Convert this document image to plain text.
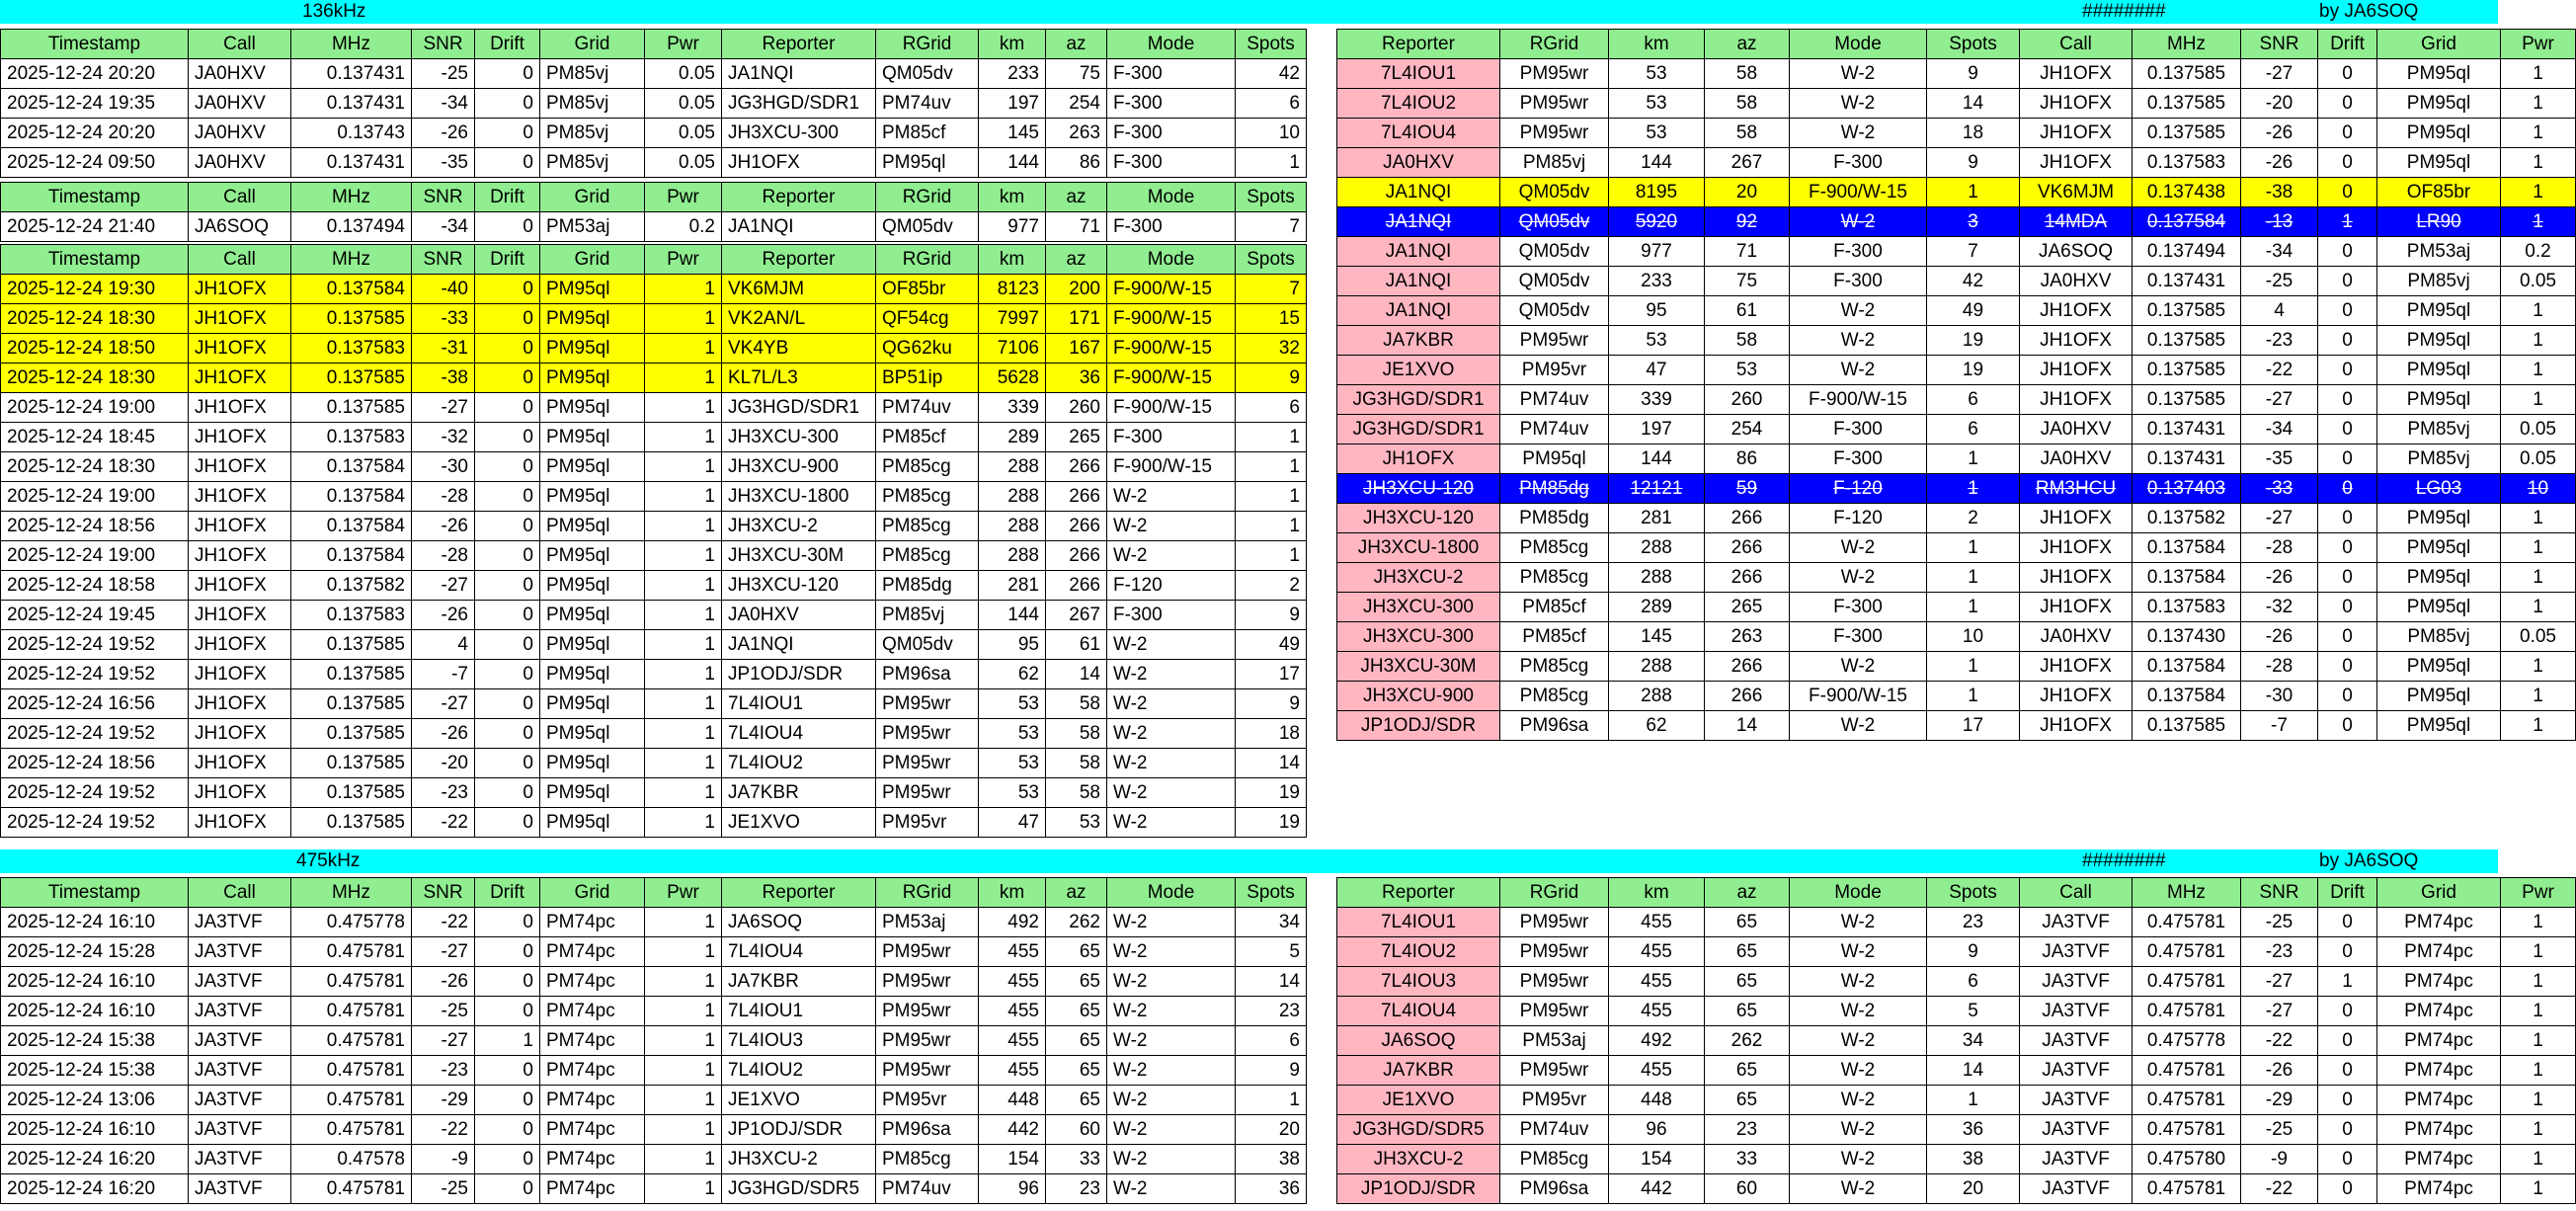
136kHz	########	by JA6SOQ
Timestamp	Call	MHz	SNR	Drift	Grid	Pwr	Reporter	RGrid	km	az	Mode	Spots
2025-12-24 20:20	JA0HXV	0.137431	-25	0	PM85vj	0.05	JA1NQI	QM05dv	233	75	F-300	42
2025-12-24 19:35	JA0HXV	0.137431	-34	0	PM85vj	0.05	JG3HGD/SDR1	PM74uv	197	254	F-300	6
2025-12-24 20:20	JA0HXV	0.13743	-26	0	PM85vj	0.05	JH3XCU-300	PM85cf	145	263	F-300	10
2025-12-24 09:50	JA0HXV	0.137431	-35	0	PM85vj	0.05	JH1OFX	PM95ql	144	86	F-300	1
Timestamp	Call	MHz	SNR	Drift	Grid	Pwr	Reporter	RGrid	km	az	Mode	Spots
2025-12-24 21:40	JA6SOQ	0.137494	-34	0	PM53aj	0.2	JA1NQI	QM05dv	977	71	F-300	7
Timestamp	Call	MHz	SNR	Drift	Grid	Pwr	Reporter	RGrid	km	az	Mode	Spots
2025-12-24 19:30	JH1OFX	0.137584	-40	0	PM95ql	1	VK6MJM	OF85br	8123	200	F-900/W-15	7
2025-12-24 18:30	JH1OFX	0.137585	-33	0	PM95ql	1	VK2AN/L	QF54cg	7997	171	F-900/W-15	15
2025-12-24 18:50	JH1OFX	0.137583	-31	0	PM95ql	1	VK4YB	QG62ku	7106	167	F-900/W-15	32
2025-12-24 18:30	JH1OFX	0.137585	-38	0	PM95ql	1	KL7L/L3	BP51ip	5628	36	F-900/W-15	9
2025-12-24 19:00	JH1OFX	0.137585	-27	0	PM95ql	1	JG3HGD/SDR1	PM74uv	339	260	F-900/W-15	6
2025-12-24 18:45	JH1OFX	0.137583	-32	0	PM95ql	1	JH3XCU-300	PM85cf	289	265	F-300	1
2025-12-24 18:30	JH1OFX	0.137584	-30	0	PM95ql	1	JH3XCU-900	PM85cg	288	266	F-900/W-15	1
2025-12-24 19:00	JH1OFX	0.137584	-28	0	PM95ql	1	JH3XCU-1800	PM85cg	288	266	W-2	1
2025-12-24 18:56	JH1OFX	0.137584	-26	0	PM95ql	1	JH3XCU-2	PM85cg	288	266	W-2	1
2025-12-24 19:00	JH1OFX	0.137584	-28	0	PM95ql	1	JH3XCU-30M	PM85cg	288	266	W-2	1
2025-12-24 18:58	JH1OFX	0.137582	-27	0	PM95ql	1	JH3XCU-120	PM85dg	281	266	F-120	2
2025-12-24 19:45	JH1OFX	0.137583	-26	0	PM95ql	1	JA0HXV	PM85vj	144	267	F-300	9
2025-12-24 19:52	JH1OFX	0.137585	4	0	PM95ql	1	JA1NQI	QM05dv	95	61	W-2	49
2025-12-24 19:52	JH1OFX	0.137585	-7	0	PM95ql	1	JP1ODJ/SDR	PM96sa	62	14	W-2	17
2025-12-24 16:56	JH1OFX	0.137585	-27	0	PM95ql	1	7L4IOU1	PM95wr	53	58	W-2	9
2025-12-24 19:52	JH1OFX	0.137585	-26	0	PM95ql	1	7L4IOU4	PM95wr	53	58	W-2	18
2025-12-24 18:56	JH1OFX	0.137585	-20	0	PM95ql	1	7L4IOU2	PM95wr	53	58	W-2	14
2025-12-24 19:52	JH1OFX	0.137585	-23	0	PM95ql	1	JA7KBR	PM95wr	53	58	W-2	19
2025-12-24 19:52	JH1OFX	0.137585	-22	0	PM95ql	1	JE1XVO	PM95vr	47	53	W-2	19
Reporter	RGrid	km	az	Mode	Spots	Call	MHz	SNR	Drift	Grid	Pwr
7L4IOU1	PM95wr	53	58	W-2	9	JH1OFX	0.137585	-27	0	PM95ql	1
7L4IOU2	PM95wr	53	58	W-2	14	JH1OFX	0.137585	-20	0	PM95ql	1
7L4IOU4	PM95wr	53	58	W-2	18	JH1OFX	0.137585	-26	0	PM95ql	1
JA0HXV	PM85vj	144	267	F-300	9	JH1OFX	0.137583	-26	0	PM95ql	1
JA1NQI	QM05dv	8195	20	F-900/W-15	1	VK6MJM	0.137438	-38	0	OF85br	1
JA1NQI	QM05dv	5920	92	W-2	3	14MDA	0.137584	-13	1	LR90	1
JA1NQI	QM05dv	977	71	F-300	7	JA6SOQ	0.137494	-34	0	PM53aj	0.2
JA1NQI	QM05dv	233	75	F-300	42	JA0HXV	0.137431	-25	0	PM85vj	0.05
JA1NQI	QM05dv	95	61	W-2	49	JH1OFX	0.137585	4	0	PM95ql	1
JA7KBR	PM95wr	53	58	W-2	19	JH1OFX	0.137585	-23	0	PM95ql	1
JE1XVO	PM95vr	47	53	W-2	19	JH1OFX	0.137585	-22	0	PM95ql	1
JG3HGD/SDR1	PM74uv	339	260	F-900/W-15	6	JH1OFX	0.137585	-27	0	PM95ql	1
JG3HGD/SDR1	PM74uv	197	254	F-300	6	JA0HXV	0.137431	-34	0	PM85vj	0.05
JH1OFX	PM95ql	144	86	F-300	1	JA0HXV	0.137431	-35	0	PM85vj	0.05
JH3XCU-120	PM85dg	12121	59	F-120	1	RM3HCU	0.137403	-33	0	LG03	10
JH3XCU-120	PM85dg	281	266	F-120	2	JH1OFX	0.137582	-27	0	PM95ql	1
JH3XCU-1800	PM85cg	288	266	W-2	1	JH1OFX	0.137584	-28	0	PM95ql	1
JH3XCU-2	PM85cg	288	266	W-2	1	JH1OFX	0.137584	-26	0	PM95ql	1
JH3XCU-300	PM85cf	289	265	F-300	1	JH1OFX	0.137583	-32	0	PM95ql	1
JH3XCU-300	PM85cf	145	263	F-300	10	JA0HXV	0.137430	-26	0	PM85vj	0.05
JH3XCU-30M	PM85cg	288	266	W-2	1	JH1OFX	0.137584	-28	0	PM95ql	1
JH3XCU-900	PM85cg	288	266	F-900/W-15	1	JH1OFX	0.137584	-30	0	PM95ql	1
JP1ODJ/SDR	PM96sa	62	14	W-2	17	JH1OFX	0.137585	-7	0	PM95ql	1
475kHz	########	by JA6SOQ
Timestamp	Call	MHz	SNR	Drift	Grid	Pwr	Reporter	RGrid	km	az	Mode	Spots
2025-12-24 16:10	JA3TVF	0.475778	-22	0	PM74pc	1	JA6SOQ	PM53aj	492	262	W-2	34
2025-12-24 15:28	JA3TVF	0.475781	-27	0	PM74pc	1	7L4IOU4	PM95wr	455	65	W-2	5
2025-12-24 16:10	JA3TVF	0.475781	-26	0	PM74pc	1	JA7KBR	PM95wr	455	65	W-2	14
2025-12-24 16:10	JA3TVF	0.475781	-25	0	PM74pc	1	7L4IOU1	PM95wr	455	65	W-2	23
2025-12-24 15:38	JA3TVF	0.475781	-27	1	PM74pc	1	7L4IOU3	PM95wr	455	65	W-2	6
2025-12-24 15:38	JA3TVF	0.475781	-23	0	PM74pc	1	7L4IOU2	PM95wr	455	65	W-2	9
2025-12-24 13:06	JA3TVF	0.475781	-29	0	PM74pc	1	JE1XVO	PM95vr	448	65	W-2	1
2025-12-24 16:10	JA3TVF	0.475781	-22	0	PM74pc	1	JP1ODJ/SDR	PM96sa	442	60	W-2	20
2025-12-24 16:20	JA3TVF	0.47578	-9	0	PM74pc	1	JH3XCU-2	PM85cg	154	33	W-2	38
2025-12-24 16:20	JA3TVF	0.475781	-25	0	PM74pc	1	JG3HGD/SDR5	PM74uv	96	23	W-2	36
Reporter	RGrid	km	az	Mode	Spots	Call	MHz	SNR	Drift	Grid	Pwr
7L4IOU1	PM95wr	455	65	W-2	23	JA3TVF	0.475781	-25	0	PM74pc	1
7L4IOU2	PM95wr	455	65	W-2	9	JA3TVF	0.475781	-23	0	PM74pc	1
7L4IOU3	PM95wr	455	65	W-2	6	JA3TVF	0.475781	-27	1	PM74pc	1
7L4IOU4	PM95wr	455	65	W-2	5	JA3TVF	0.475781	-27	0	PM74pc	1
JA6SOQ	PM53aj	492	262	W-2	34	JA3TVF	0.475778	-22	0	PM74pc	1
JA7KBR	PM95wr	455	65	W-2	14	JA3TVF	0.475781	-26	0	PM74pc	1
JE1XVO	PM95vr	448	65	W-2	1	JA3TVF	0.475781	-29	0	PM74pc	1
JG3HGD/SDR5	PM74uv	96	23	W-2	36	JA3TVF	0.475781	-25	0	PM74pc	1
JH3XCU-2	PM85cg	154	33	W-2	38	JA3TVF	0.475780	-9	0	PM74pc	1
JP1ODJ/SDR	PM96sa	442	60	W-2	20	JA3TVF	0.475781	-22	0	PM74pc	1
